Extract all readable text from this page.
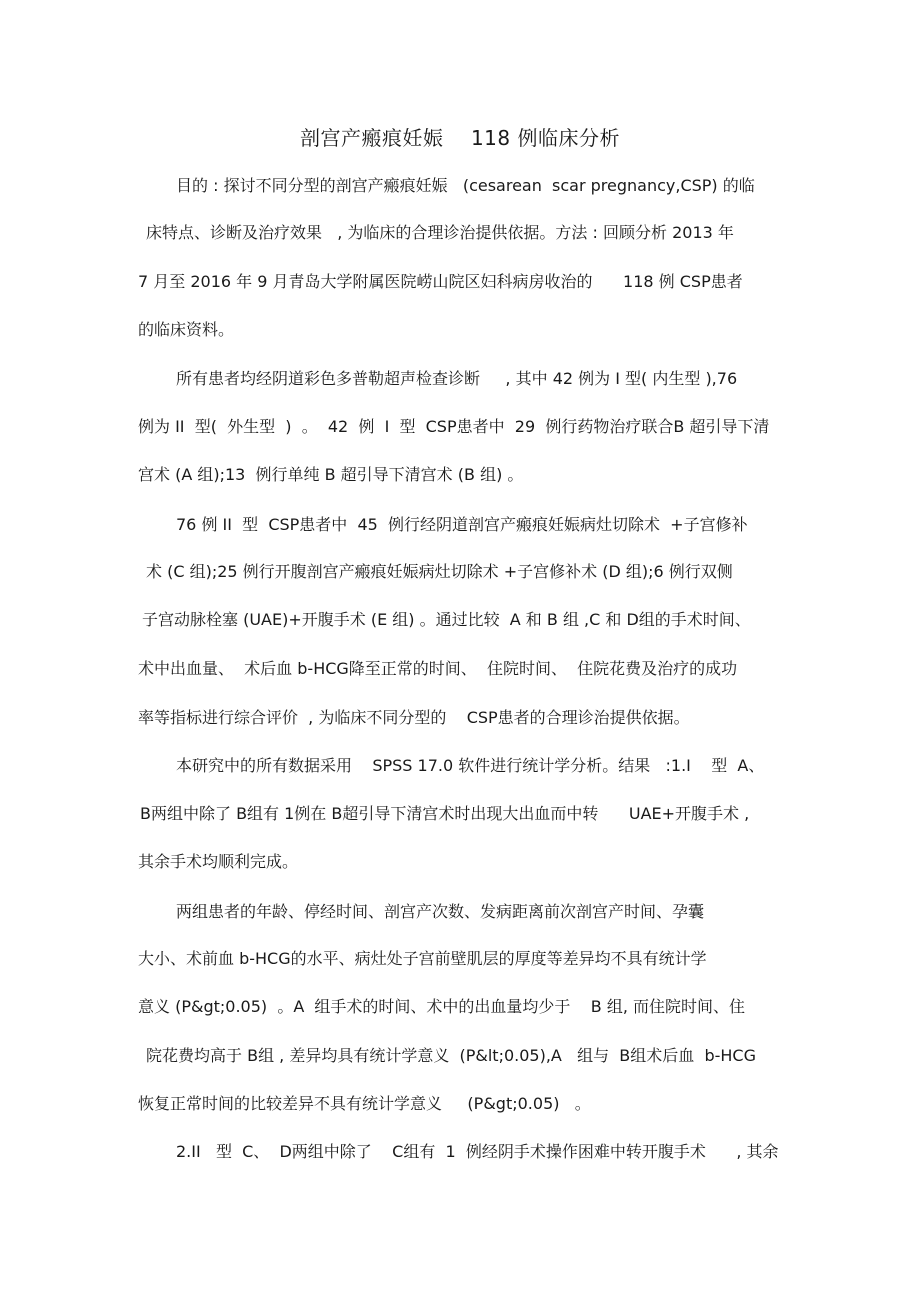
剖宫产瘢痕妊娠    118 例临床分析
目的 : 探讨不同分型的剖宫产瘢痕妊娠   (cesarean  scar pregnancy,CSP) 的临
床特点、诊断及治疗效果   , 为临床的合理诊治提供依据。方法 : 回顾分析 2013 年
7 月至 2016 年 9 月青岛大学附属医院崂山院区妇科病房收治的      118 例 CSP患者
的临床资料。
所有患者均经阴道彩色多普勒超声检查诊断     , 其中 42 例为 I 型( 内生型 ),76
例为 II  型(  外生型  )  。  42  例  I  型  CSP患者中  29  例行药物治疗联合B 超引导下清
宫术 (A 组);13  例行单纯 B 超引导下清宫术 (B 组) 。
76 例 II  型  CSP患者中  45  例行经阴道剖宫产瘢痕妊娠病灶切除术  +子宫修补
术 (C 组);25 例行开腹剖宫产瘢痕妊娠病灶切除术 +子宫修补术 (D 组);6 例行双侧
子宫动脉栓塞 (UAE)+开腹手术 (E 组) 。通过比较  A 和 B 组 ,C 和 D组的手术时间、
术中出血量、  术后血 b-HCG降至正常的时间、  住院时间、  住院花费及治疗的成功
率等指标进行综合评价  , 为临床不同分型的    CSP患者的合理诊治提供依据。
本研究中的所有数据采用    SPSS 17.0 软件进行统计学分析。结果   :1.I    型  A、
B两组中除了 B组有 1例在 B超引导下清宫术时出现大出血而中转      UAE+开腹手术 ,
其余手术均顺利完成。
两组患者的年龄、停经时间、剖宫产次数、发病距离前次剖宫产时间、孕囊
大小、术前血 b-HCG的水平、病灶处子宫前壁肌层的厚度等差异均不具有统计学
意义 (P&gt;0.05)  。A  组手术的时间、术中的出血量均少于    B 组, 而住院时间、住
院花费均高于 B组 , 差异均具有统计学意义  (P&lt;0.05),A   组与  B组术后血  b-HCG
恢复正常时间的比较差异不具有统计学意义     (P&gt;0.05)   。
2.II   型  C、  D两组中除了    C组有  1  例经阴手术操作困难中转开腹手术      , 其余
